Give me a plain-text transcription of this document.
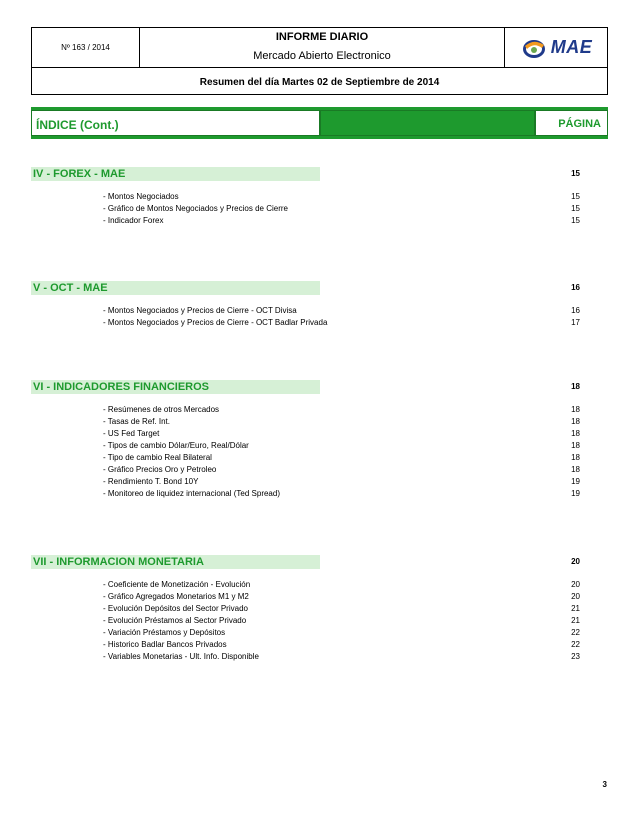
Nº 163 / 2014
INFORME DIARIO
Mercado Abierto Electronico	MAE
Resumen del día Martes 02 de Septiembre de 2014
ÍNDICE (Cont.)	PÁGINA
IV - FOREX - MAE	15
- Montos Negociados	15
- Gráfico de Montos Negociados y Precios de Cierre	15
- Indicador Forex	15
V - OCT - MAE	16
- Montos Negociados y Precios de Cierre - OCT Divisa	16
- Montos Negociados y Precios de Cierre - OCT Badlar Privada	17
VI - INDICADORES FINANCIEROS	18
- Resúmenes de otros Mercados	18
- Tasas de Ref. Int.	18
- US Fed Target	18
- Tipos de cambio Dólar/Euro, Real/Dólar	18
- Tipo de cambio Real Bilateral	18
- Gráfico Precios Oro y Petroleo	18
- Rendimiento T. Bond 10Y	19
- Monitoreo de liquidez internacional (Ted Spread)	19
VII - INFORMACION MONETARIA	20
- Coeficiente de Monetización - Evolución	20
- Gráfico Agregados Monetarios M1 y M2	20
- Evolución Depósitos del Sector Privado	21
- Evolución Préstamos al Sector Privado	21
- Variación Préstamos y Depósitos	22
- Historico Badlar Bancos Privados	22
- Variables Monetarias - Ult. Info. Disponible	23
3
